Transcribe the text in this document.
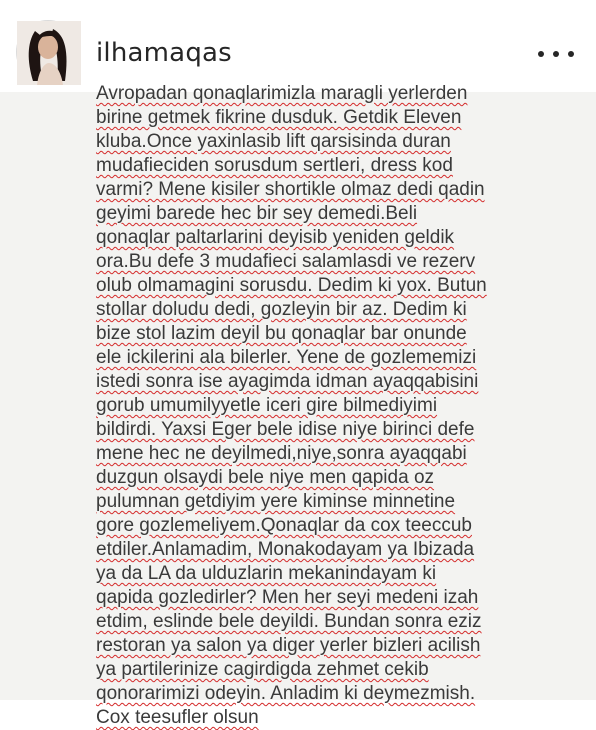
ilhamaqas
Avropadan qonaqlarimizla maragli yerlerden
birine getmek fikrine dusduk. Getdik Eleven
kluba.Once yaxinlasib lift qarsisinda duran
mudafieciden sorusdum sertleri, dress kod
varmi? Mene kisiler shortikle olmaz dedi qadin
geyimi barede hec bir sey demedi.Beli
qonaqlar paltarlarini deyisib yeniden geldik
ora.Bu defe 3 mudafieci salamlasdi ve rezerv
olub olmamagini sorusdu. Dedim ki yox. Butun
stollar doludu dedi, gozleyin bir az. Dedim ki
bize stol lazim deyil bu qonaqlar bar onunde
ele ickilerini ala bilerler. Yene de gozlememizi
istedi sonra ise ayagimda idman ayaqqabisini
gorub umumilyyetle iceri gire bilmediyimi
bildirdi. Yaxsi Eger bele idise niye birinci defe
mene hec ne deyilmedi,niye,sonra ayaqqabi
duzgun olsaydi bele niye men qapida oz
pulumnan getdiyim yere kiminse minnetine
gore gozlemeliyem.Qonaqlar da cox teeccub
etdiler.Anlamadim, Monakodayam ya Ibizada
ya da LA da ulduzlarin mekanindayam ki
qapida gozledirler? Men her seyi medeni izah
etdim, eslinde bele deyildi. Bundan sonra eziz
restoran ya salon ya diger yerler bizleri acilish
ya partilerinize cagirdigda zehmet cekib
qonorarimizi odeyin. Anladim ki deymezmish.
Cox teesufler olsun
